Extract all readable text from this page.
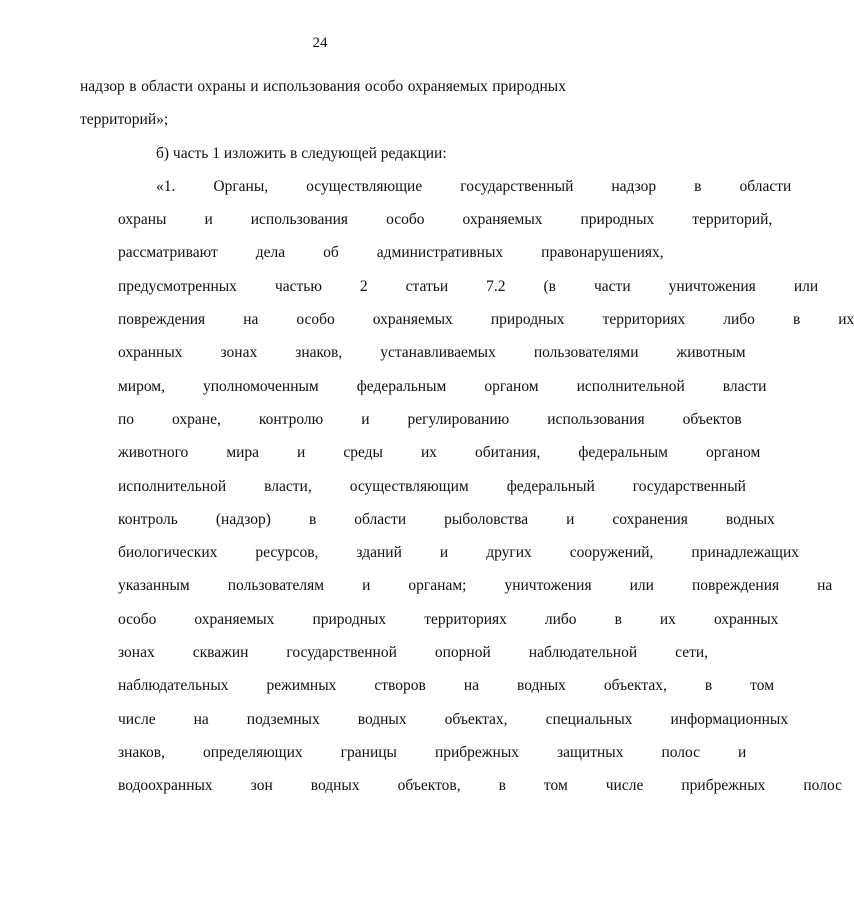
24
надзор в области охраны и использования особо охраняемых природных
территорий»;
б) часть 1 изложить в следующей редакции:
«1.	Органы,	осуществляющие	государственный	надзор	в	области
охраны	и	использования	особо	охраняемых	природных	территорий,
рассматривают	дела	об	административных	правонарушениях,
предусмотренных	частью	2	статьи	7.2	(в	части	уничтожения	или
повреждения	на	особо	охраняемых	природных	территориях	либо	в	их
охранных	зонах	знаков,	устанавливаемых	пользователями	животным
миром,	уполномоченным	федеральным	органом	исполнительной	власти
по	охране,	контролю	и	регулированию	использования	объектов
животного	мира	и	среды	их	обитания,	федеральным	органом
исполнительной	власти,	осуществляющим	федеральный	государственный
контроль	(надзор)	в	области	рыболовства	и	сохранения	водных
биологических	ресурсов,	зданий	и	других	сооружений,	принадлежащих
указанным	пользователям	и	органам;	уничтожения	или	повреждения	на
особо	охраняемых	природных	территориях	либо	в	их	охранных
зонах	скважин	государственной	опорной	наблюдательной	сети,
наблюдательных	режимных	створов	на	водных	объектах,	в	том
числе	на	подземных	водных	объектах,	специальных	информационных
знаков,	определяющих	границы	прибрежных	защитных	полос	и
водоохранных	зон	водных	объектов,	в	том	числе	прибрежных	полос
